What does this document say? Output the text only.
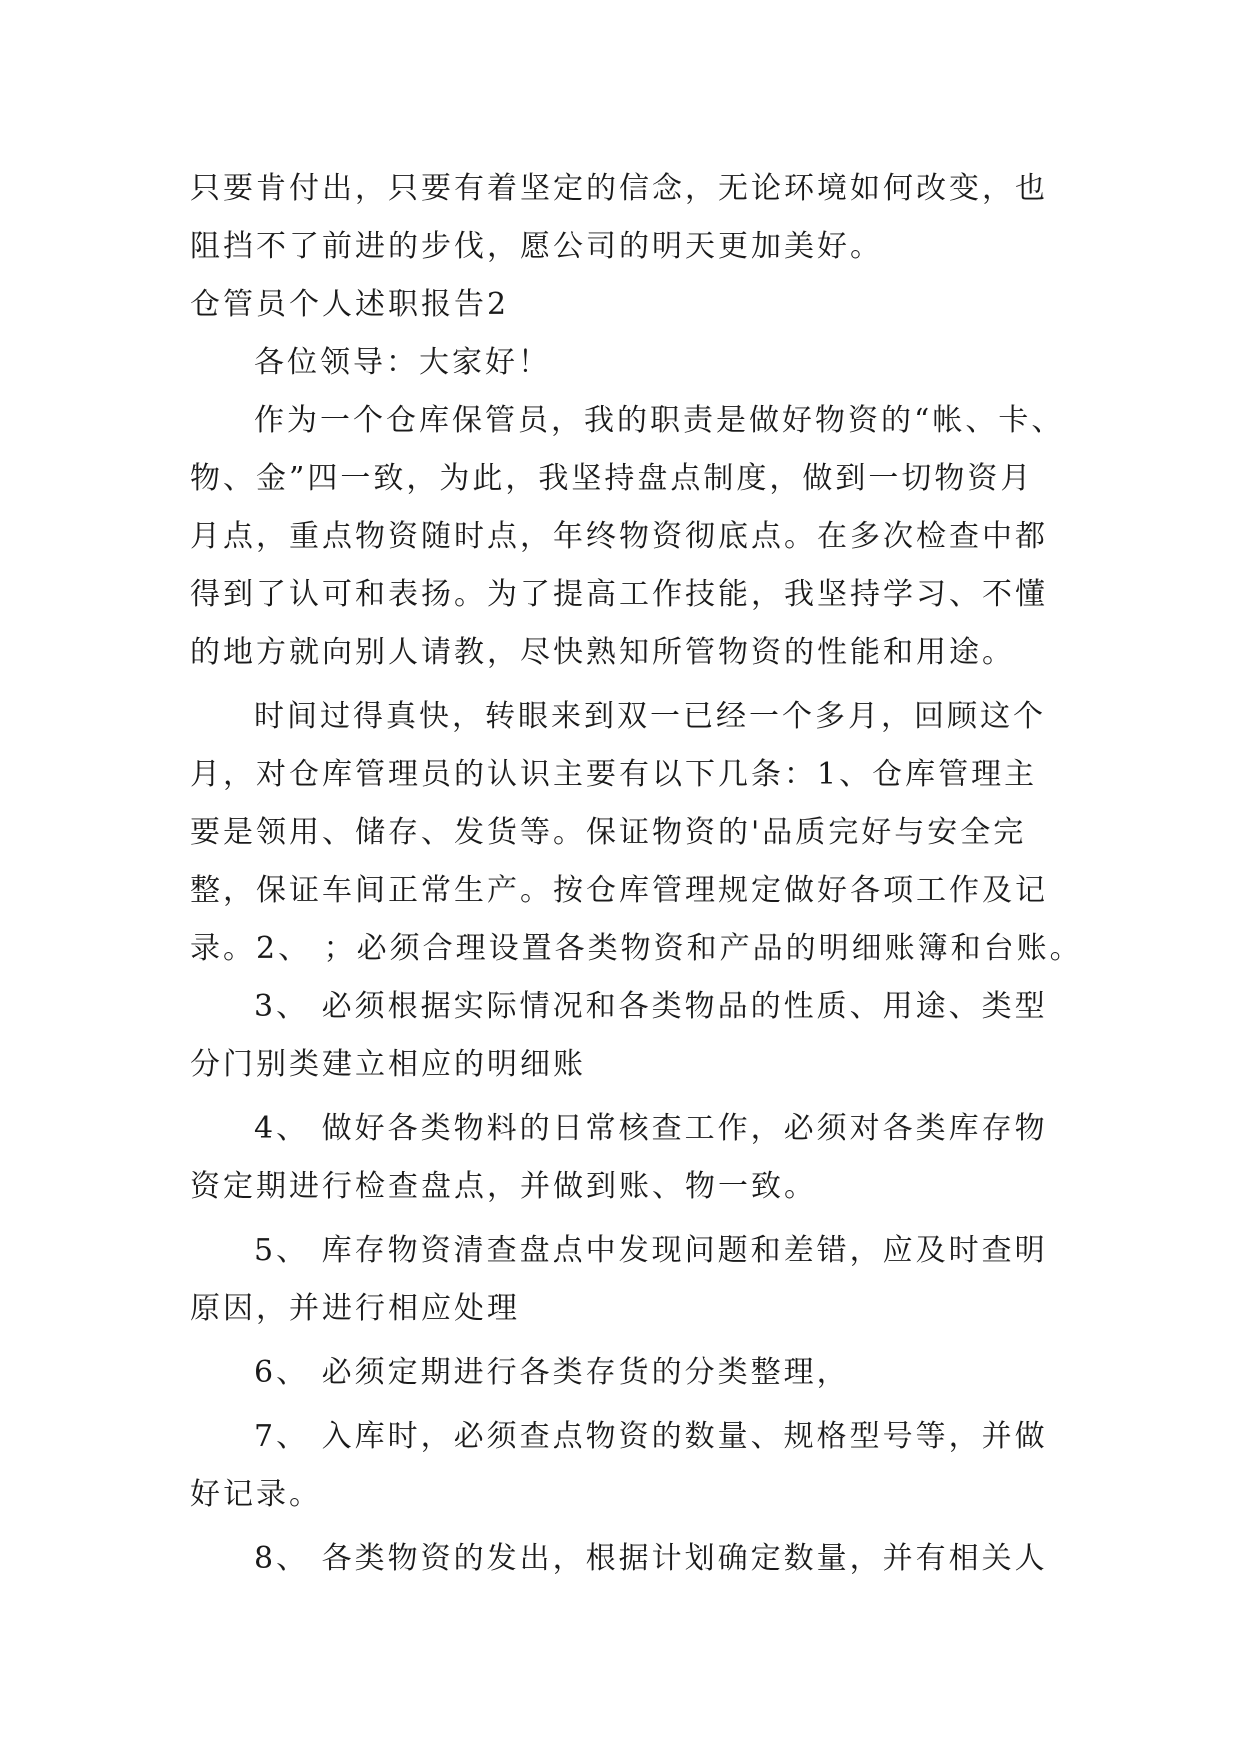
只要肯付出，只要有着坚定的信念，无论环境如何改变，也
阻挡不了前进的步伐，愿公司的明天更加美好。
仓管员个人述职报告2
各位领导：大家好！
作为一个仓库保管员，我的职责是做好物资的“帐、卡、
物、金”四一致，为此，我坚持盘点制度，做到一切物资月
月点，重点物资随时点，年终物资彻底点。在多次检查中都
得到了认可和表扬。为了提高工作技能，我坚持学习、不懂
的地方就向别人请教，尽快熟知所管物资的性能和用途。
时间过得真快，转眼来到双一已经一个多月，回顾这个
月，对仓库管理员的认识主要有以下几条：1、仓库管理主
要是领用、储存、发货等。保证物资的'品质完好与安全完
整，保证车间正常生产。按仓库管理规定做好各项工作及记
录。2、 ；必须合理设置各类物资和产品的明细账簿和台账。
3、 必须根据实际情况和各类物品的性质、用途、类型
分门别类建立相应的明细账
4、 做好各类物料的日常核查工作，必须对各类库存物
资定期进行检查盘点，并做到账、物一致。
5、 库存物资清查盘点中发现问题和差错，应及时查明
原因，并进行相应处理
6、 必须定期进行各类存货的分类整理，
7、 入库时，必须查点物资的数量、规格型号等，并做
好记录。
8、 各类物资的发出，根据计划确定数量，并有相关人
